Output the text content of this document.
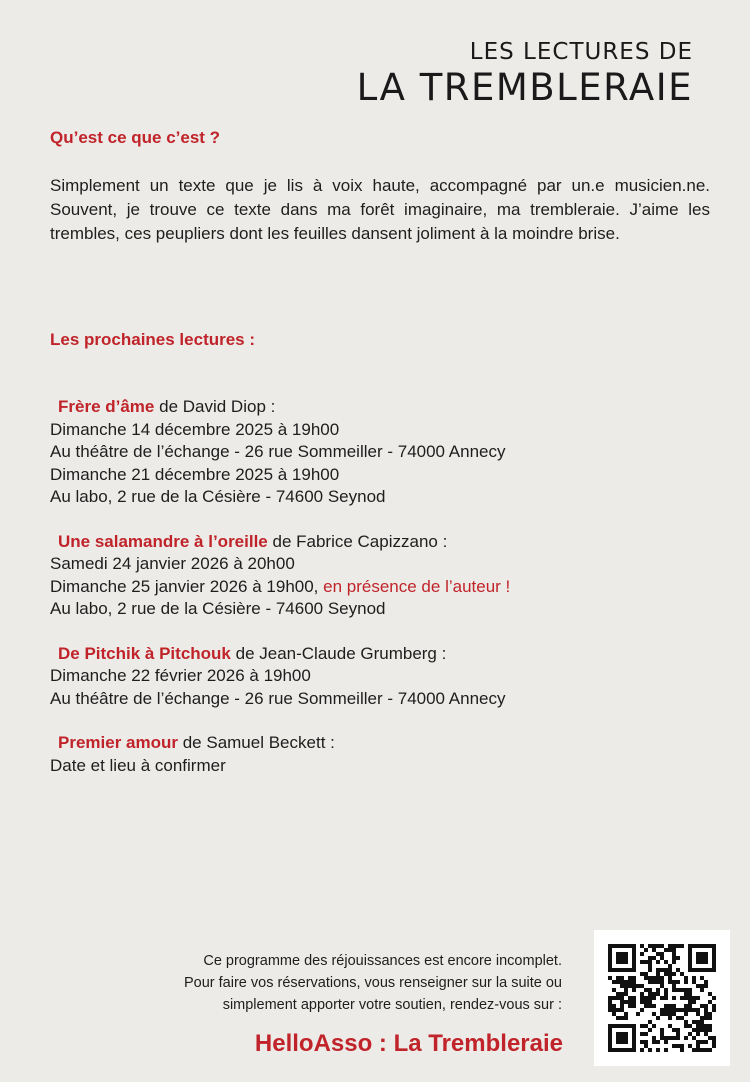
LES LECTURES DE
LA TREMBLERAIE
Qu’est ce que c’est ?
Simplement un texte que je lis à voix haute, accompagné par un.e musicien.ne. Souvent, je trouve ce texte dans ma forêt imaginaire, ma trembleraie. J’aime les trembles, ces peupliers dont les feuilles dansent joliment à la moindre brise.
Les prochaines lectures :
Frère d’âme de David Diop :
Dimanche 14 décembre 2025 à 19h00
Au théâtre de l’échange - 26 rue Sommeiller - 74000 Annecy
Dimanche 21 décembre 2025 à 19h00
Au labo, 2 rue de la Césière - 74600 Seynod
Une salamandre à l’oreille de Fabrice Capizzano :
Samedi 24 janvier 2026 à 20h00
Dimanche 25 janvier 2026 à 19h00, en présence de l’auteur !
Au labo, 2 rue de la Césière - 74600 Seynod
De Pitchik à Pitchouk de Jean-Claude Grumberg :
Dimanche 22 février 2026 à 19h00
Au théâtre de l’échange - 26 rue Sommeiller - 74000 Annecy
Premier amour de Samuel Beckett :
Date et lieu à confirmer
Ce programme des réjouissances est encore incomplet.
Pour faire vos réservations, vous renseigner sur la suite ou
simplement apporter votre soutien, rendez-vous sur :
HelloAsso : La Trembleraie
